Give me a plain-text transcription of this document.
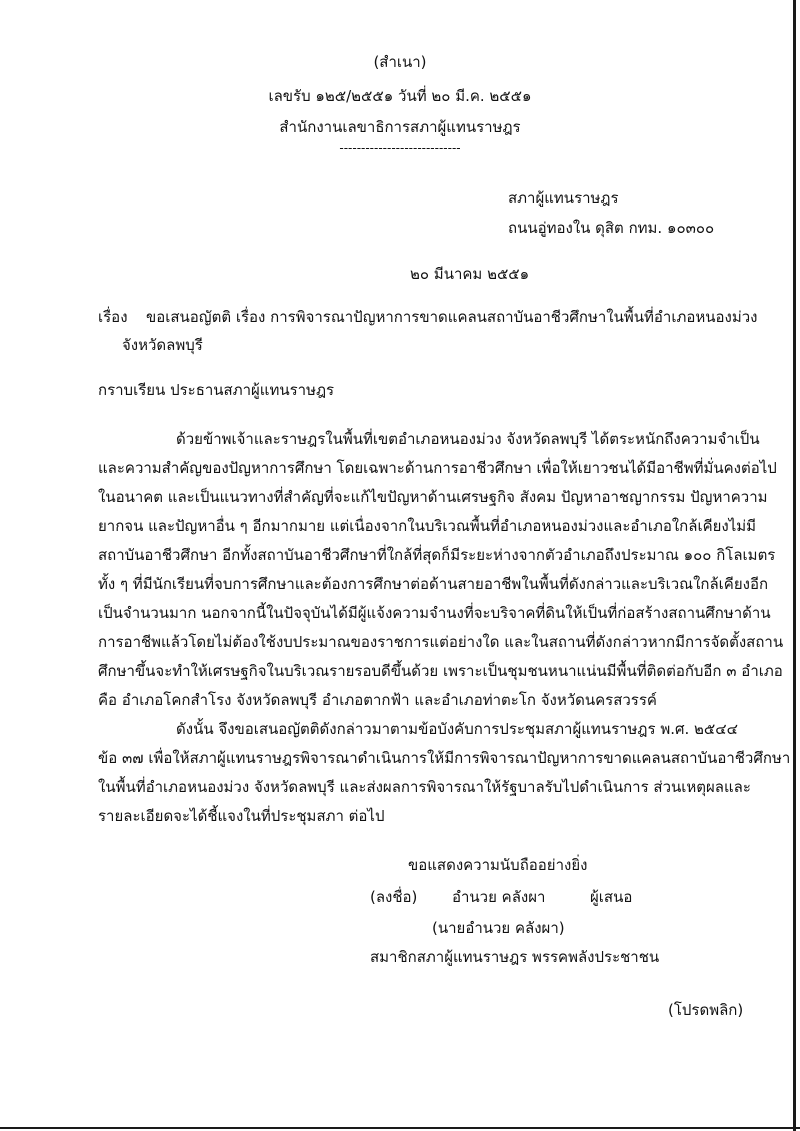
(สำเนา)
เลขรับ ๑๒๕/๒๕๕๑ วันที่ ๒๐ มี.ค. ๒๕๕๑
สำนักงานเลขาธิการสภาผู้แทนราษฎร
----------------------------
สภาผู้แทนราษฎร
ถนนอู่ทองใน ดุสิต กทม. ๑๐๓๐๐
๒๐ มีนาคม ๒๕๕๑
เรื่อง ขอเสนอญัตติ เรื่อง การพิจารณาปัญหาการขาดแคลนสถาบันอาชีวศึกษาในพื้นที่อำเภอหนองม่วง
จังหวัดลพบุรี
กราบเรียน ประธานสภาผู้แทนราษฎร
ด้วยข้าพเจ้าและราษฎรในพื้นที่เขตอำเภอหนองม่วง จังหวัดลพบุรี ได้ตระหนักถึงความจำเป็น
และความสำคัญของปัญหาการศึกษา โดยเฉพาะด้านการอาชีวศึกษา เพื่อให้เยาวชนได้มีอาชีพที่มั่นคงต่อไป
ในอนาคต และเป็นแนวทางที่สำคัญที่จะแก้ไขปัญหาด้านเศรษฐกิจ สังคม ปัญหาอาชญากรรม ปัญหาความ
ยากจน และปัญหาอื่น ๆ อีกมากมาย แต่เนื่องจากในบริเวณพื้นที่อำเภอหนองม่วงและอำเภอใกล้เคียงไม่มี
สถาบันอาชีวศึกษา อีกทั้งสถาบันอาชีวศึกษาที่ใกล้ที่สุดก็มีระยะห่างจากตัวอำเภอถึงประมาณ ๑๐๐ กิโลเมตร
ทั้ง ๆ ที่มีนักเรียนที่จบการศึกษาและต้องการศึกษาต่อด้านสายอาชีพในพื้นที่ดังกล่าวและบริเวณใกล้เคียงอีก
เป็นจำนวนมาก นอกจากนี้ในปัจจุบันได้มีผู้แจ้งความจำนงที่จะบริจาคที่ดินให้เป็นที่ก่อสร้างสถานศึกษาด้าน
การอาชีพแล้วโดยไม่ต้องใช้งบประมาณของราชการแต่อย่างใด และในสถานที่ดังกล่าวหากมีการจัดตั้งสถาน
ศึกษาขึ้นจะทำให้เศรษฐกิจในบริเวณรายรอบดีขึ้นด้วย เพราะเป็นชุมชนหนาแน่นมีพื้นที่ติดต่อกับอีก ๓ อำเภอ
คือ อำเภอโคกสำโรง จังหวัดลพบุรี อำเภอตากฟ้า และอำเภอท่าตะโก จังหวัดนครสวรรค์
ดังนั้น จึงขอเสนอญัตติดังกล่าวมาตามข้อบังคับการประชุมสภาผู้แทนราษฎร พ.ศ. ๒๕๔๔
ข้อ ๓๗ เพื่อให้สภาผู้แทนราษฎรพิจารณาดำเนินการให้มีการพิจารณาปัญหาการขาดแคลนสถาบันอาชีวศึกษา
ในพื้นที่อำเภอหนองม่วง จังหวัดลพบุรี และส่งผลการพิจารณาให้รัฐบาลรับไปดำเนินการ ส่วนเหตุผลและ
รายละเอียดจะได้ชี้แจงในที่ประชุมสภา ต่อไป
ขอแสดงความนับถืออย่างยิ่ง
(ลงชื่อ) อำนวย คลังผา	ผู้เสนอ
(นายอำนวย คลังผา)
สมาชิกสภาผู้แทนราษฎร พรรคพลังประชาชน
(โปรดพลิก)
